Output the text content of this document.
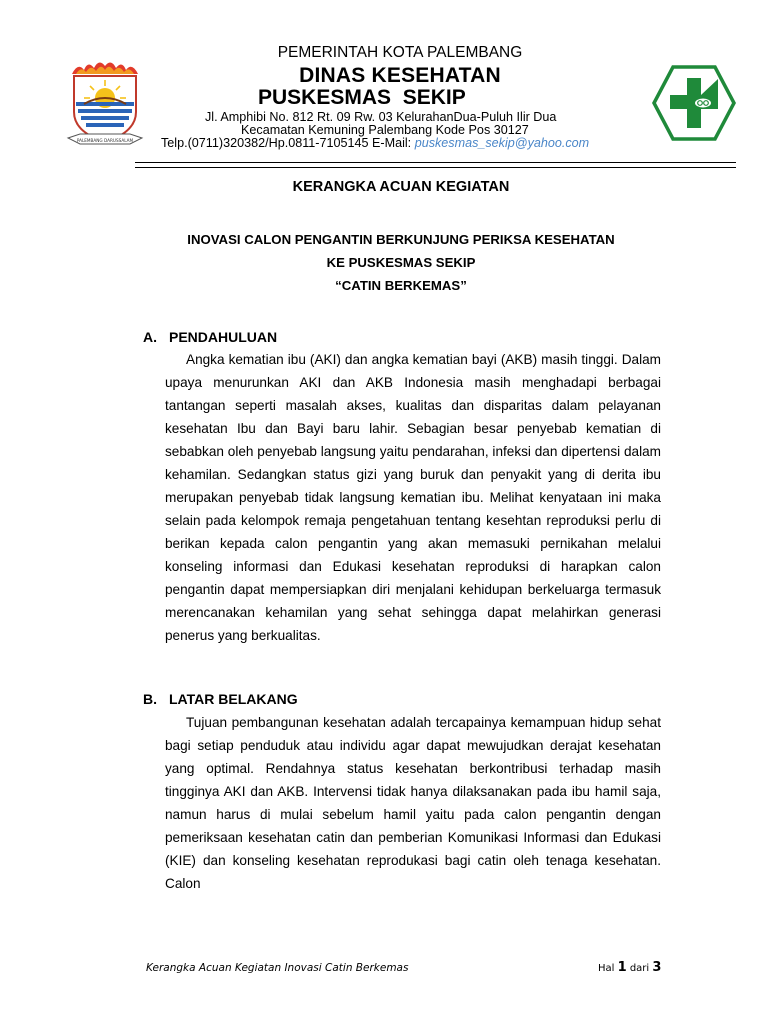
PALEMBANG DARUSSALAM
PEMERINTAH KOTA PALEMBANG
DINAS KESEHATAN
PUSKESMAS  SEKIP
Jl. Amphibi No. 812 Rt. 09 Rw. 03 KelurahanDua-Puluh Ilir Dua
Kecamatan Kemuning Palembang Kode Pos 30127
Telp.(0711)320382/Hp.0811-7105145 E-Mail: puskesmas_sekip@yahoo.com
KERANGKA ACUAN KEGIATAN
INOVASI CALON PENGANTIN BERKUNJUNG PERIKSA KESEHATAN
KE PUSKESMAS SEKIP
“CATIN BERKEMAS”
A. PENDAHULUAN

Angka kematian ibu (AKI) dan angka kematian bayi (AKB) masih tinggi. Dalam upaya menurunkan AKI dan AKB Indonesia masih menghadapi berbagai tantangan seperti masalah akses, kualitas dan disparitas dalam pelayanan kesehatan Ibu dan Bayi baru lahir. Sebagian besar penyebab kematian di sebabkan oleh penyebab langsung yaitu pendarahan, infeksi dan dipertensi dalam kehamilan. Sedangkan status gizi yang buruk dan penyakit yang di derita ibu merupakan penyebab tidak langsung kematian ibu. Melihat kenyataan ini maka selain pada kelompok remaja pengetahuan tentang kesehtan reproduksi perlu di berikan kepada calon pengantin yang akan memasuki pernikahan melalui konseling informasi dan Edukasi kesehatan reproduksi di harapkan calon pengantin dapat mempersiapkan diri menjalani kehidupan berkeluarga termasuk merencanakan kehamilan yang sehat sehingga dapat melahirkan generasi penerus yang berkualitas.

B. LATAR BELAKANG

Tujuan pembangunan kesehatan adalah tercapainya kemampuan hidup sehat bagi setiap penduduk atau individu agar dapat mewujudkan derajat kesehatan yang optimal. Rendahnya status kesehatan berkontribusi terhadap masih tingginya AKI dan AKB. Intervensi tidak hanya dilaksanakan pada ibu hamil saja, namun harus di mulai sebelum hamil yaitu pada calon pengantin dengan pemeriksaan kesehatan catin dan pemberian Komunikasi Informasi dan Edukasi (KIE) dan konseling kesehatan reprodukasi bagi catin oleh tenaga kesehatan. Calon

Kerangka Acuan Kegiatan Inovasi Catin Berkemas	Hal 1 dari 3
